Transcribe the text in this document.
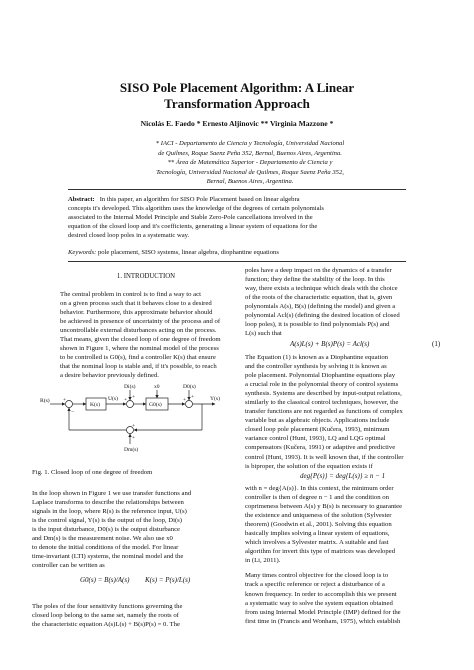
SISO Pole Placement Algorithm: A Linear
Transformation Approach
Nicolás E. Faedo * Ernesto Aljinovic ** Virginia Mazzone *
* IACI - Departamento de Ciencia y Tecnología, Universidad Nacional
de Quilmes, Roque Saenz Peña 352, Bernal, Buenos Aires, Argentina.
** Área de Matemática Superior - Departamento de Ciencia y
Tecnología, Universidad Nacional de Quilmes, Roque Saenz Peña 352,
Bernal, Buenos Aires, Argentina.
Abstract: In this paper, an algorithm for SISO Pole Placement based on linear algebra
concepts it's developed. This algorithm uses the knowledge of the degrees of certain polynomials
associated to the Internal Model Principle and Stable Zero-Pole cancellations involved in the
equation of the closed loop and it's coefficients, generating a linear system of equations for the
desired closed loop poles in a systematic way.
Keywords: pole placement, SISO systems, linear algebra, diophantine equations
1. INTRODUCTION

The central problem in control is to find a way to act
on a given process such that it behaves close to a desired
behavior. Furthermore, this approximate behavior should
be achieved in presence of uncertainty of the process and of
uncontrollable external disturbances acting on the process.
That means, given the closed loop of one degree of freedom
shown in Figure 1, where the nominal model of the process
to be controlled is G0(s), find a controller K(s) that ensure
that the nominal loop is stable and, if it's possible, to reach
a desire behavior previously defined.

R(s)
K(s)
U(s)
G0(s)
Y(s)
Di(s)	x0	D0(s)
Dm(s)
+
−
+ +	+ +
+
+
Fig. 1. Closed loop of one degree of freedom

In the loop shown in Figure 1 we use transfer functions and
Laplace transforms to describe the relationships between
signals in the loop, where R(s) is the reference input, U(s)
is the control signal, Y(s) is the output of the loop, Di(s)
is the input disturbance, D0(s) is the output disturbance
and Dm(s) is the measurement noise. We also use x0
to denote the initial conditions of the model. For linear
time-invariant (LTI) systems, the nominal model and the
controller can be written as

G0(s) = B(s)/A(s) K(s) = P(s)/L(s)

The poles of the four sensitivity functions governing the
closed loop belong to the same set, namely the roots of
the characteristic equation A(s)L(s) + B(s)P(s) = 0. The

poles have a deep impact on the dynamics of a transfer
function; they define the stability of the loop. In this
way, there exists a technique which deals with the choice
of the roots of the characteristic equation, that is, given
polynomials A(s), B(s) (defining the model) and given a
polynomial Acl(s) (defining the desired location of closed
loop poles), it is possible to find polynomials P(s) and
L(s) such that

A(s)L(s) + B(s)P(s) = Acl(s)	(1)

The Equation (1) is known as a Diophantine equation
and the controller synthesis by solving it is known as
pole placement. Polynomial Diophantine equations play
a crucial role in the polynomial theory of control systems
synthesis. Systems are described by input-output relations,
similarly to the classical control techniques, however, the
transfer functions are not regarded as functions of complex
variable but as algebraic objects. Applications include
closed loop pole placement (Kučera, 1993), minimum
variance control (Hunt, 1993), LQ and LQG optimal
compensators (Kučera, 1991) or adaptive and predictive
control (Hunt, 1993). It is well known that, if the controller
is biproper, the solution of the equation exists if

deg{P(s)} = deg{L(s)} ≥ n − 1

with n = deg{A(s)}. In this context, the minimum order
controller is then of degree n − 1 and the condition on
coprimeness between A(s) y B(s) is necessary to guarantee
the existence and uniqueness of the solution (Sylvester
theorem) (Goodwin et al., 2001). Solving this equation
basically implies solving a linear system of equations,
which involves a Sylvester matrix. A suitable and fast
algorithm for invert this type of matrices was developed
in (Li, 2011).

Many times control objective for the closed loop is to
track a specific reference or reject a disturbance of a
known frequency. In order to accomplish this we present
a systematic way to solve the system equation obtained
from using Internal Model Principle (IMP) defined for the
first time in (Francis and Wonham, 1975), which establish
